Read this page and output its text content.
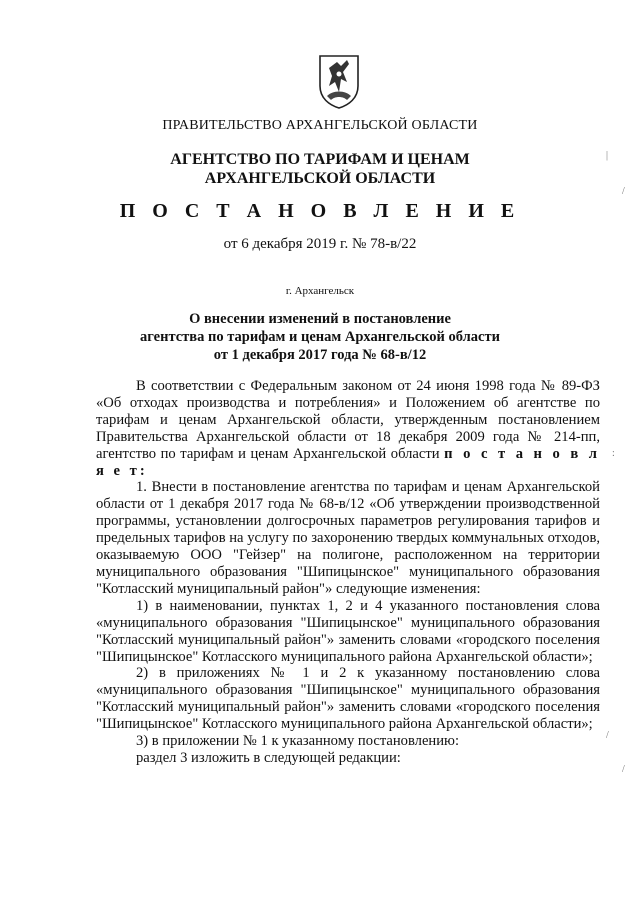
ПРАВИТЕЛЬСТВО АРХАНГЕЛЬСКОЙ ОБЛАСТИ
АГЕНТСТВО ПО ТАРИФАМ И ЦЕНАМ
АРХАНГЕЛЬСКОЙ ОБЛАСТИ
П О С Т А Н О В Л Е Н И Е
от 6 декабря 2019 г. № 78-в/22
г. Архангельск
О внесении изменений в постановление
агентства по тарифам и ценам Архангельской области
от 1 декабря 2017 года № 68-в/12

В соответствии с Федеральным законом от 24 июня 1998 года № 89-ФЗ «Об отходах производства и потребления» и Положением об агентстве по тарифам и ценам Архангельской области, утвержденным постановлением Правительства Архангельской области от 18 декабря 2009 года № 214-пп, агентство по тарифам и ценам Архангельской области п о с т а н о в л я е т:

1. Внести в постановление агентства по тарифам и ценам Архангельской области от 1 декабря 2017 года № 68-в/12 «Об утверждении производственной программы, установлении долгосрочных параметров регулирования тарифов и предельных тарифов на услугу по захоронению твердых коммунальных отходов, оказываемую ООО "Гейзер" на полигоне, расположенном на территории муниципального образования "Шипицынское" муниципального образования "Котласский муниципальный район"» следующие изменения:

1) в наименовании, пунктах 1, 2 и 4 указанного постановления слова «муниципального образования "Шипицынское" муниципального образования "Котласский муниципальный район"» заменить словами «городского поселения "Шипицынское" Котласского муниципального района Архангельской области»;

2) в приложениях № 1 и 2 к указанному постановлению слова «муниципального образования "Шипицынское" муниципального образования "Котласский муниципальный район"» заменить словами «городского поселения "Шипицынское" Котласского муниципального района Архангельской области»;

3) в приложении № 1 к указанному постановлению:

раздел 3 изложить в следующей редакции:

|
/
:
/
/
